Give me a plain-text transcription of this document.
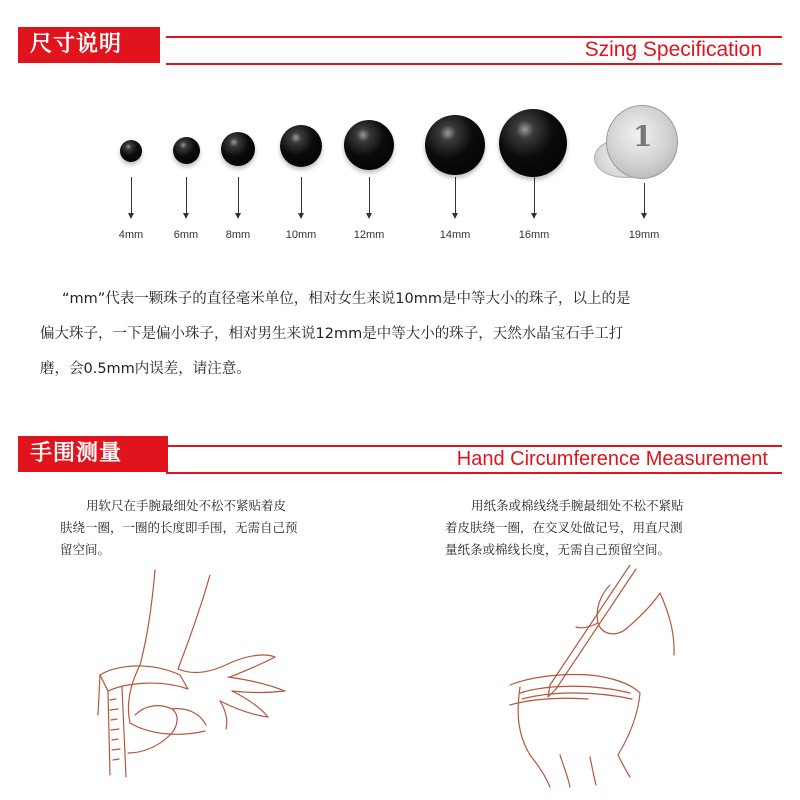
尺寸说明	Szing Specification
4mm	6mm	8mm	10mm	12mm	14mm	16mm
1
19mm

“mm”代表一颗珠子的直径毫米单位，相对女生来说10mm是中等大小的珠子，以上的是

偏大珠子，一下是偏小珠子，相对男生来说12mm是中等大小的珠子，天然水晶宝石手工打

磨，会0.5mm内误差，请注意。

手围测量	Hand Circumference Measurement
用软尺在手腕最细处不松不紧贴着皮
肤绕一圈，一圈的长度即手围，无需自己预
留空间。
用纸条或棉线绕手腕最细处不松不紧贴
着皮肤绕一圈，在交叉处做记号，用直尺测
量纸条或棉线长度，无需自己预留空间。
